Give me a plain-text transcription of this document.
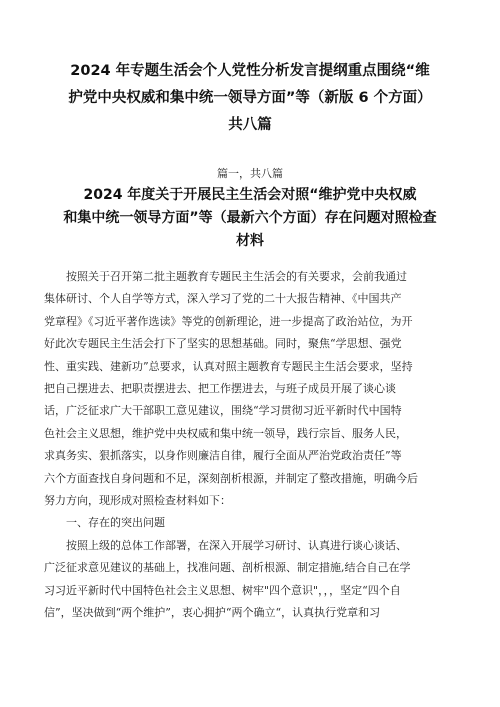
2024 年专题生活会个人党性分析发言提纲重点围绕“维
护党中央权威和集中统一领导方面”等（新版 6 个方面）
共八篇
篇一，共八篇
2024 年度关于开展民主生活会对照“维护党中央权威
和集中统一领导方面”等（最新六个方面）存在问题对照检查
材料
按照关于召开第二批主题教育专题民主生活会的有关要求，会前我通过
集体研讨、个人自学等方式，深入学习了党的二十大报告精神、《中国共产
党章程》《习近平著作选读》等党的创新理论，进一步提高了政治站位，为开
好此次专题民主生活会打下了坚实的思想基础。同时，聚焦“学思想、强党
性、重实践、建新功”总要求，认真对照主题教育专题民主生活会要求，坚持
把自己摆进去、把职责摆进去、把工作摆进去，与班子成员开展了谈心谈
话，广泛征求广大干部职工意见建议，围绕“学习贯彻习近平新时代中国特
色社会主义思想，维护党中央权威和集中统一领导，践行宗旨、服务人民，
求真务实、狠抓落实，以身作则廉洁自律，履行全面从严治党政治责任”等
六个方面查找自身问题和不足，深刻剖析根源，并制定了整改措施，明确今后
努力方向，现形成对照检查材料如下：
一、存在的突出问题
按照上级的总体工作部署，在深入开展学习研讨、认真进行谈心谈话、
广泛征求意见建议的基础上，找准问题、剖析根源、制定措施,结合自己在学
习习近平新时代中国特色社会主义思想、树牢"四个意识"，，，坚定“四个自
信”，坚决做到“两个维护”，衷心拥护“两个确立“，认真执行党章和习
